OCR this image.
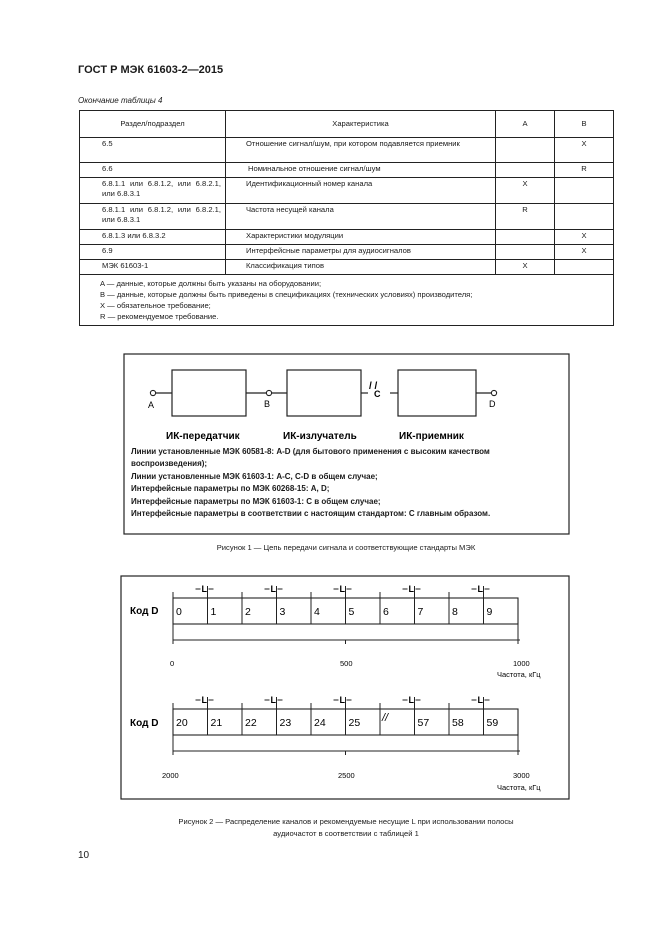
ГОСТ Р МЭК 61603-2—2015
Окончание таблицы 4
Раздел/подраздел	Характеристика	A	B
6.5	Отношение сигнал/шум, при котором подавляется приемник		X
6.6	Номинальное отношение сигнал/шум		R
6.8.1.1 или 6.8.1.2, или 6.8.2.1, или 6.8.3.1	Идентификационный номер канала	X	
6.8.1.1 или 6.8.1.2, или 6.8.2.1, или 6.8.3.1	Частота несущей канала	R	
6.8.1.3 или 6.8.3.2	Характеристики модуляции		X
6.9	Интерфейсные параметры для аудиосигналов		X
МЭК 61603-1	Классификация типов	X	

A — данные, которые должны быть указаны на оборудовании;
B — данные, которые должны быть приведены в спецификациях (технических условиях) производителя;
X — обязательное требование;
R — рекомендуемое требование.			
A	B
C
/ /
D
ИК-передатчик	ИК-излучатель	ИК-приемник
Линии установленные МЭК 60581-8: A-D (для бытового применения с высоким качеством воспроизведения);
Линии установленные МЭК 61603-1: A-C, C-D в общем случае;
Интерфейсные параметры по МЭК 60268-15: A, D;
Интерфейсные параметры по МЭК 61603-1: C в общем случае;
Интерфейсные параметры в соответствии с настоящим стандартом: C главным образом.
Рисунок 1 — Цепь передачи сигнала и соответствующие стандарты МЭК
Код D
Код D
0
L
1	2
L
3	4
L
5	6
L
7	8
L
9
20
L
21 22
L
23 24
L
25 //
L
57 58
L
59
0	500	1000
Частота, кГц
2000	2500	3000
Частота, кГц
Рисунок 2 — Распределение каналов и рекомендуемые несущие L при использовании полосы
аудиочастот в соответствии с таблицей 1
10
